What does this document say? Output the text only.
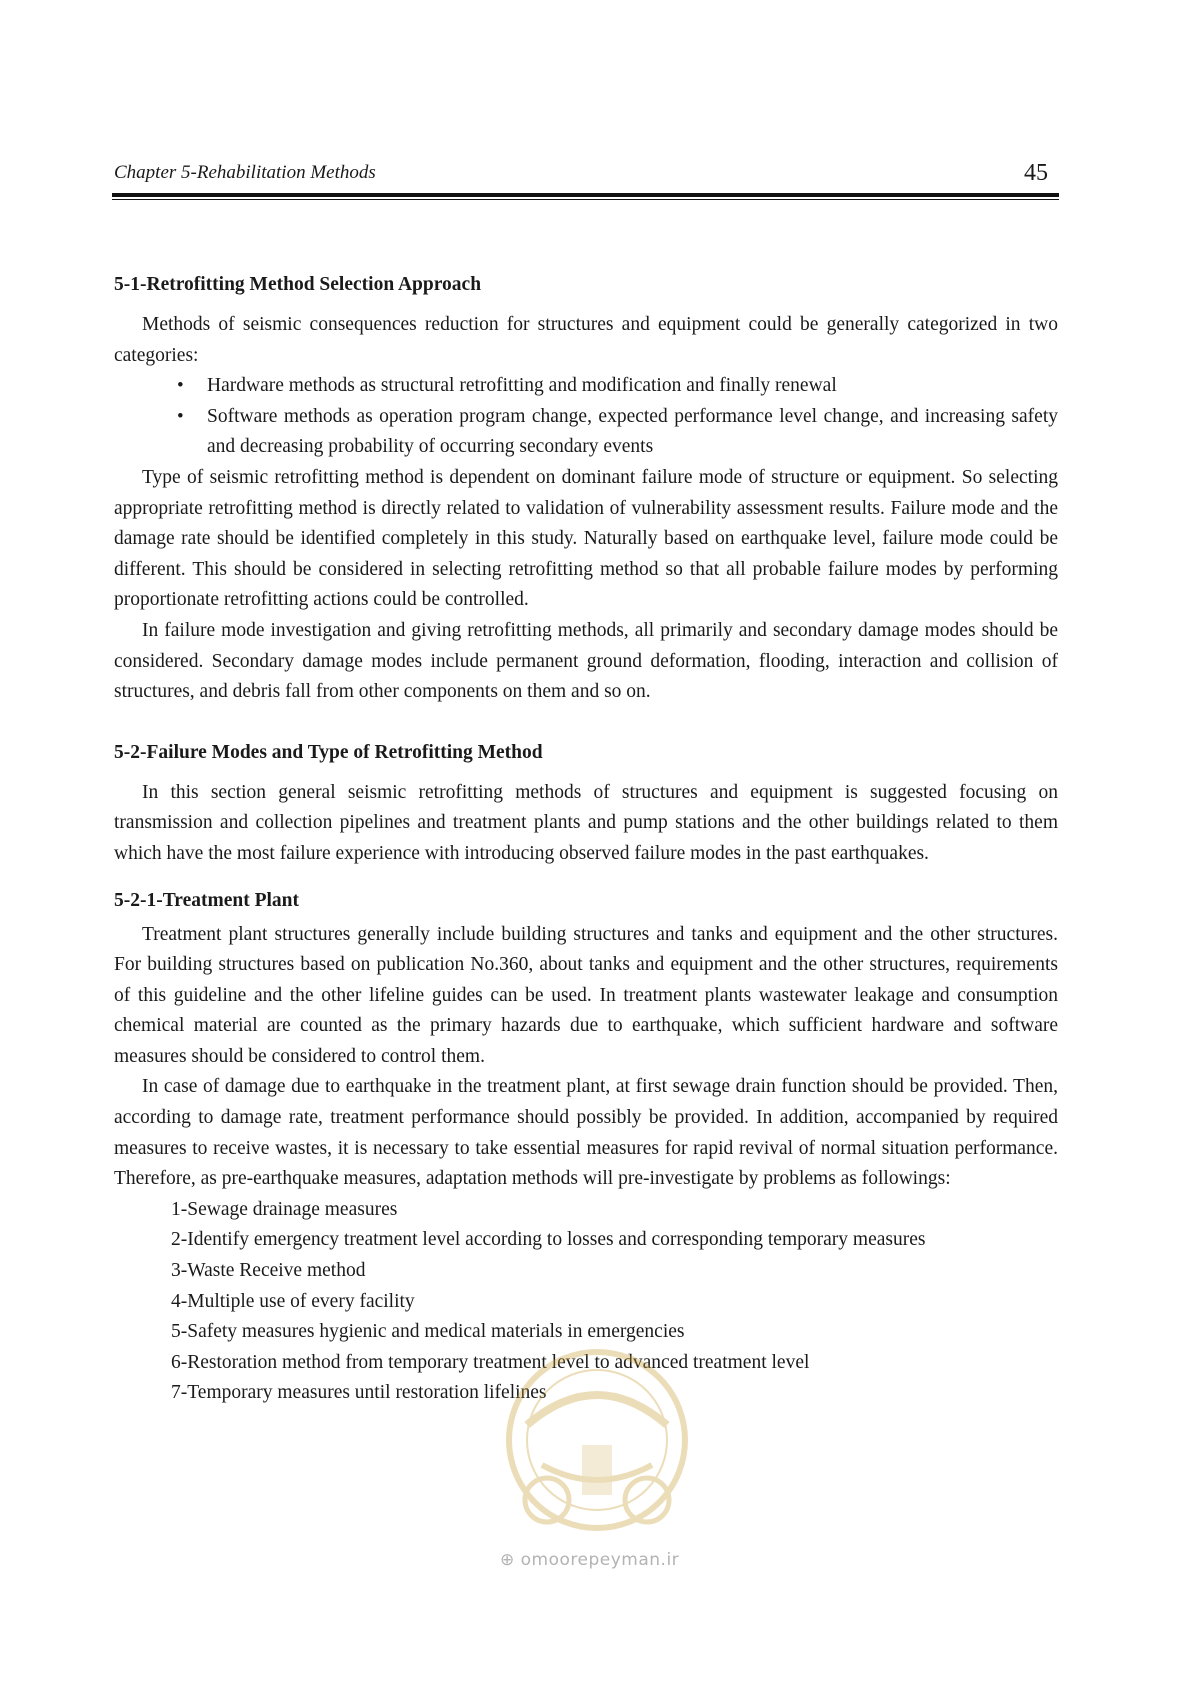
Chapter 5-Rehabilitation Methods	45
5-1-Retrofitting Method Selection Approach

Methods of seismic consequences reduction for structures and equipment could be generally categorized in two categories:

• Hardware methods as structural retrofitting and modification and finally renewal
• Software methods as operation program change, expected performance level change, and increasing safety and decreasing probability of occurring secondary events

Type of seismic retrofitting method is dependent on dominant failure mode of structure or equipment. So selecting appropriate retrofitting method is directly related to validation of vulnerability assessment results. Failure mode and the damage rate should be identified completely in this study. Naturally based on earthquake level, failure mode could be different. This should be considered in selecting retrofitting method so that all probable failure modes by performing proportionate retrofitting actions could be controlled.

In failure mode investigation and giving retrofitting methods, all primarily and secondary damage modes should be considered. Secondary damage modes include permanent ground deformation, flooding, interaction and collision of structures, and debris fall from other components on them and so on.

5-2-Failure Modes and Type of Retrofitting Method

In this section general seismic retrofitting methods of structures and equipment is suggested focusing on transmission and collection pipelines and treatment plants and pump stations and the other buildings related to them which have the most failure experience with introducing observed failure modes in the past earthquakes.

5-2-1-Treatment Plant

Treatment plant structures generally include building structures and tanks and equipment and the other structures. For building structures based on publication No.360, about tanks and equipment and the other structures, requirements of this guideline and the other lifeline guides can be used. In treatment plants wastewater leakage and consumption chemical material are counted as the primary hazards due to earthquake, which sufficient hardware and software measures should be considered to control them.

In case of damage due to earthquake in the treatment plant, at first sewage drain function should be provided. Then, according to damage rate, treatment performance should possibly be provided. In addition, accompanied by required measures to receive wastes, it is necessary to take essential measures for rapid revival of normal situation performance. Therefore, as pre-earthquake measures, adaptation methods will pre-investigate by problems as followings:

1-Sewage drainage measures
2-Identify emergency treatment level according to losses and corresponding temporary measures
3-Waste Receive method
4-Multiple use of every facility
5-Safety measures hygienic and medical materials in emergencies
6-Restoration method from temporary treatment level to advanced treatment level
7-Temporary measures until restoration lifelines
⊕ omoorepeyman.ir
